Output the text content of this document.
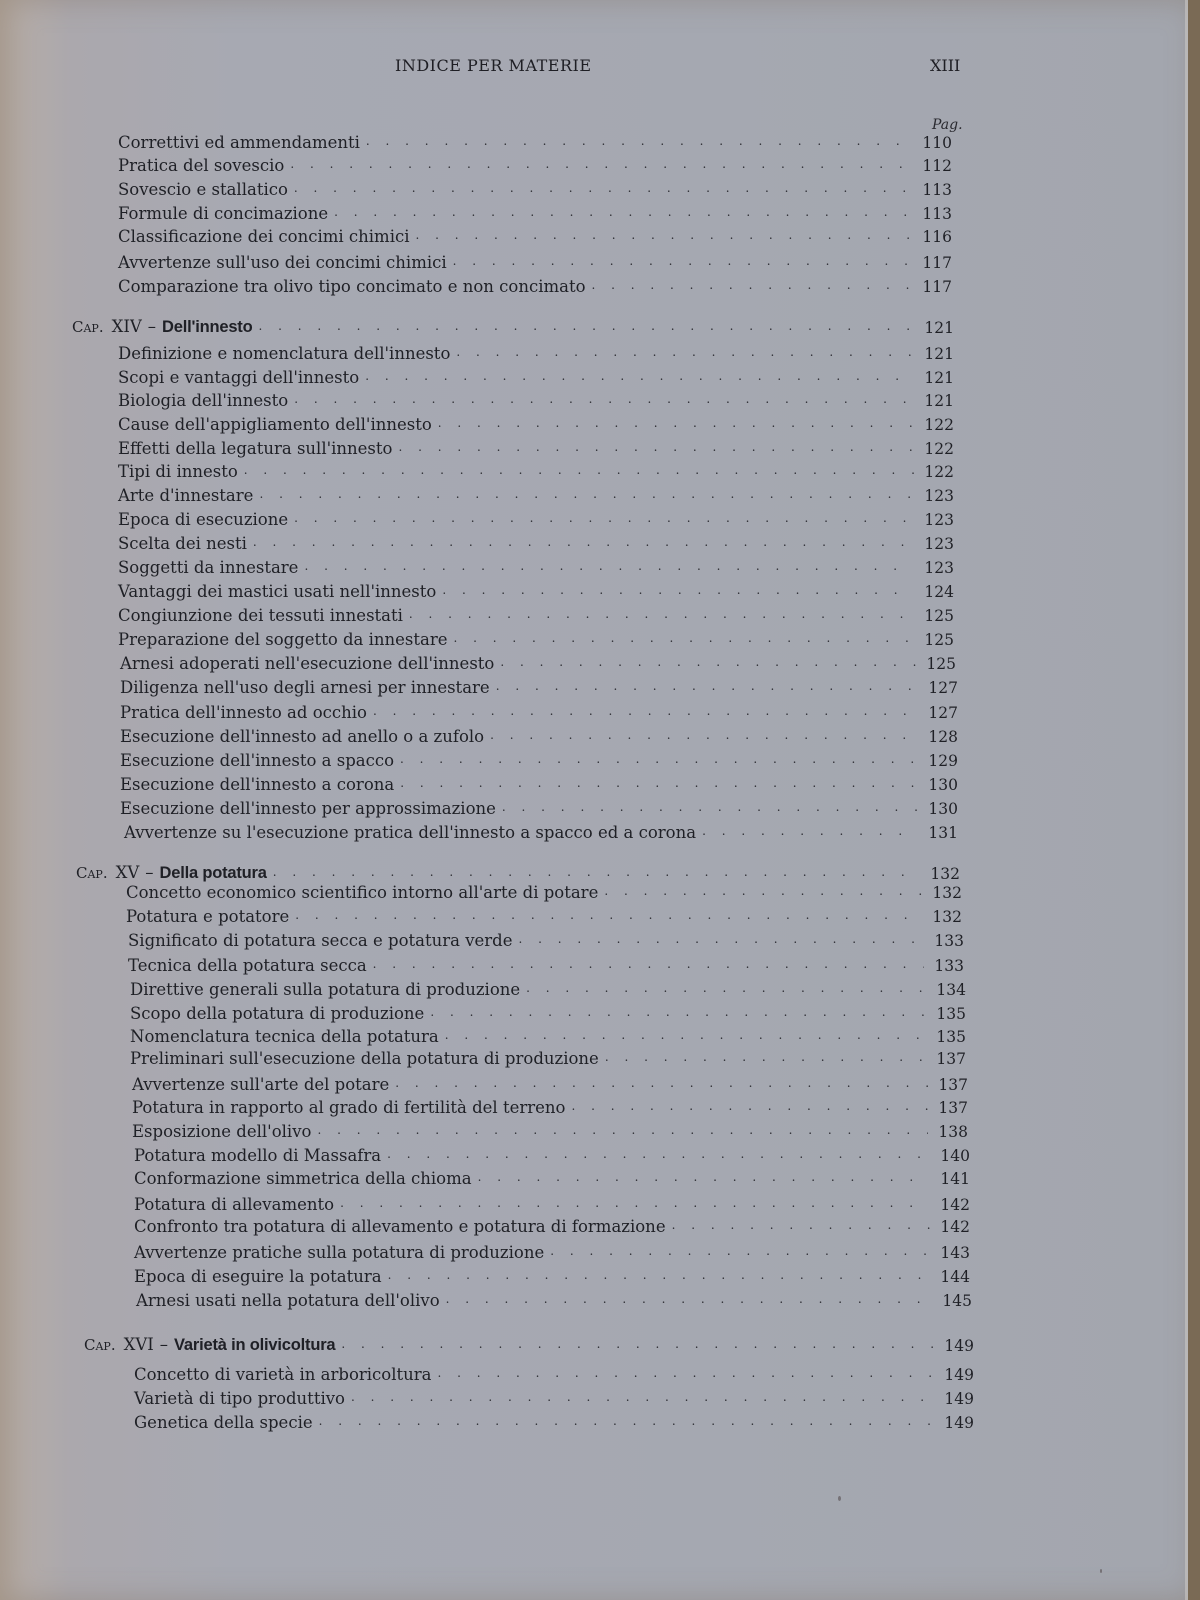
INDICE PER MATERIE	XIII
Pag.
Correttivi ed ammendamenti . . .	110
Pratica del sovescio . . .	112
Sovescio e stallatico . . .	113
Formule di concimazione . . .	113
Classificazione dei concimi chimici . . .	116
Avvertenze sull'uso dei concimi chimici . . .	117
Comparazione tra olivo tipo concimato e non concimato . . .	117
Cap. XIV – Dell'innesto . . .	121
Definizione e nomenclatura dell'innesto . . .	121
Scopi e vantaggi dell'innesto . . .	121
Biologia dell'innesto . . .	121
Cause dell'appigliamento dell'innesto . . .	122
Effetti della legatura sull'innesto . . .	122
Tipi di innesto . . .	122
Arte d'innestare . . .	123
Epoca di esecuzione . . .	123
Scelta dei nesti . . .	123
Soggetti da innestare . . .	123
Vantaggi dei mastici usati nell'innesto . . .	124
Congiunzione dei tessuti innestati . . .	125
Preparazione del soggetto da innestare . . .	125
Arnesi adoperati nell'esecuzione dell'innesto . . .	125
Diligenza nell'uso degli arnesi per innestare . . .	127
Pratica dell'innesto ad occhio . . .	127
Esecuzione dell'innesto ad anello o a zufolo . . .	128
Esecuzione dell'innesto a spacco . . .	129
Esecuzione dell'innesto a corona . . .	130
Esecuzione dell'innesto per approssimazione . . .	130
Avvertenze su l'esecuzione pratica dell'innesto a spacco ed a corona . . .	131
Cap. XV – Della potatura . . .	132
Concetto economico scientifico intorno all'arte di potare . . .	132
Potatura e potatore . . .	132
Significato di potatura secca e potatura verde . . .	133
Tecnica della potatura secca . . .	133
Direttive generali sulla potatura di produzione . . .	134
Scopo della potatura di produzione . . .	135
Nomenclatura tecnica della potatura . . .	135
Preliminari sull'esecuzione della potatura di produzione . . .	137
Avvertenze sull'arte del potare . . .	137
Potatura in rapporto al grado di fertilità del terreno . . .	137
Esposizione dell'olivo . . .	138
Potatura modello di Massafra . . .	140
Conformazione simmetrica della chioma . . .	141
Potatura di allevamento . . .	142
Confronto tra potatura di allevamento e potatura di formazione . . .	142
Avvertenze pratiche sulla potatura di produzione . . .	143
Epoca di eseguire la potatura . . .	144
Arnesi usati nella potatura dell'olivo . . .	145
Cap. XVI – Varietà in olivicoltura . . .	149
Concetto di varietà in arboricoltura . . .	149
Varietà di tipo produttivo . . .	149
Genetica della specie . . .	149
